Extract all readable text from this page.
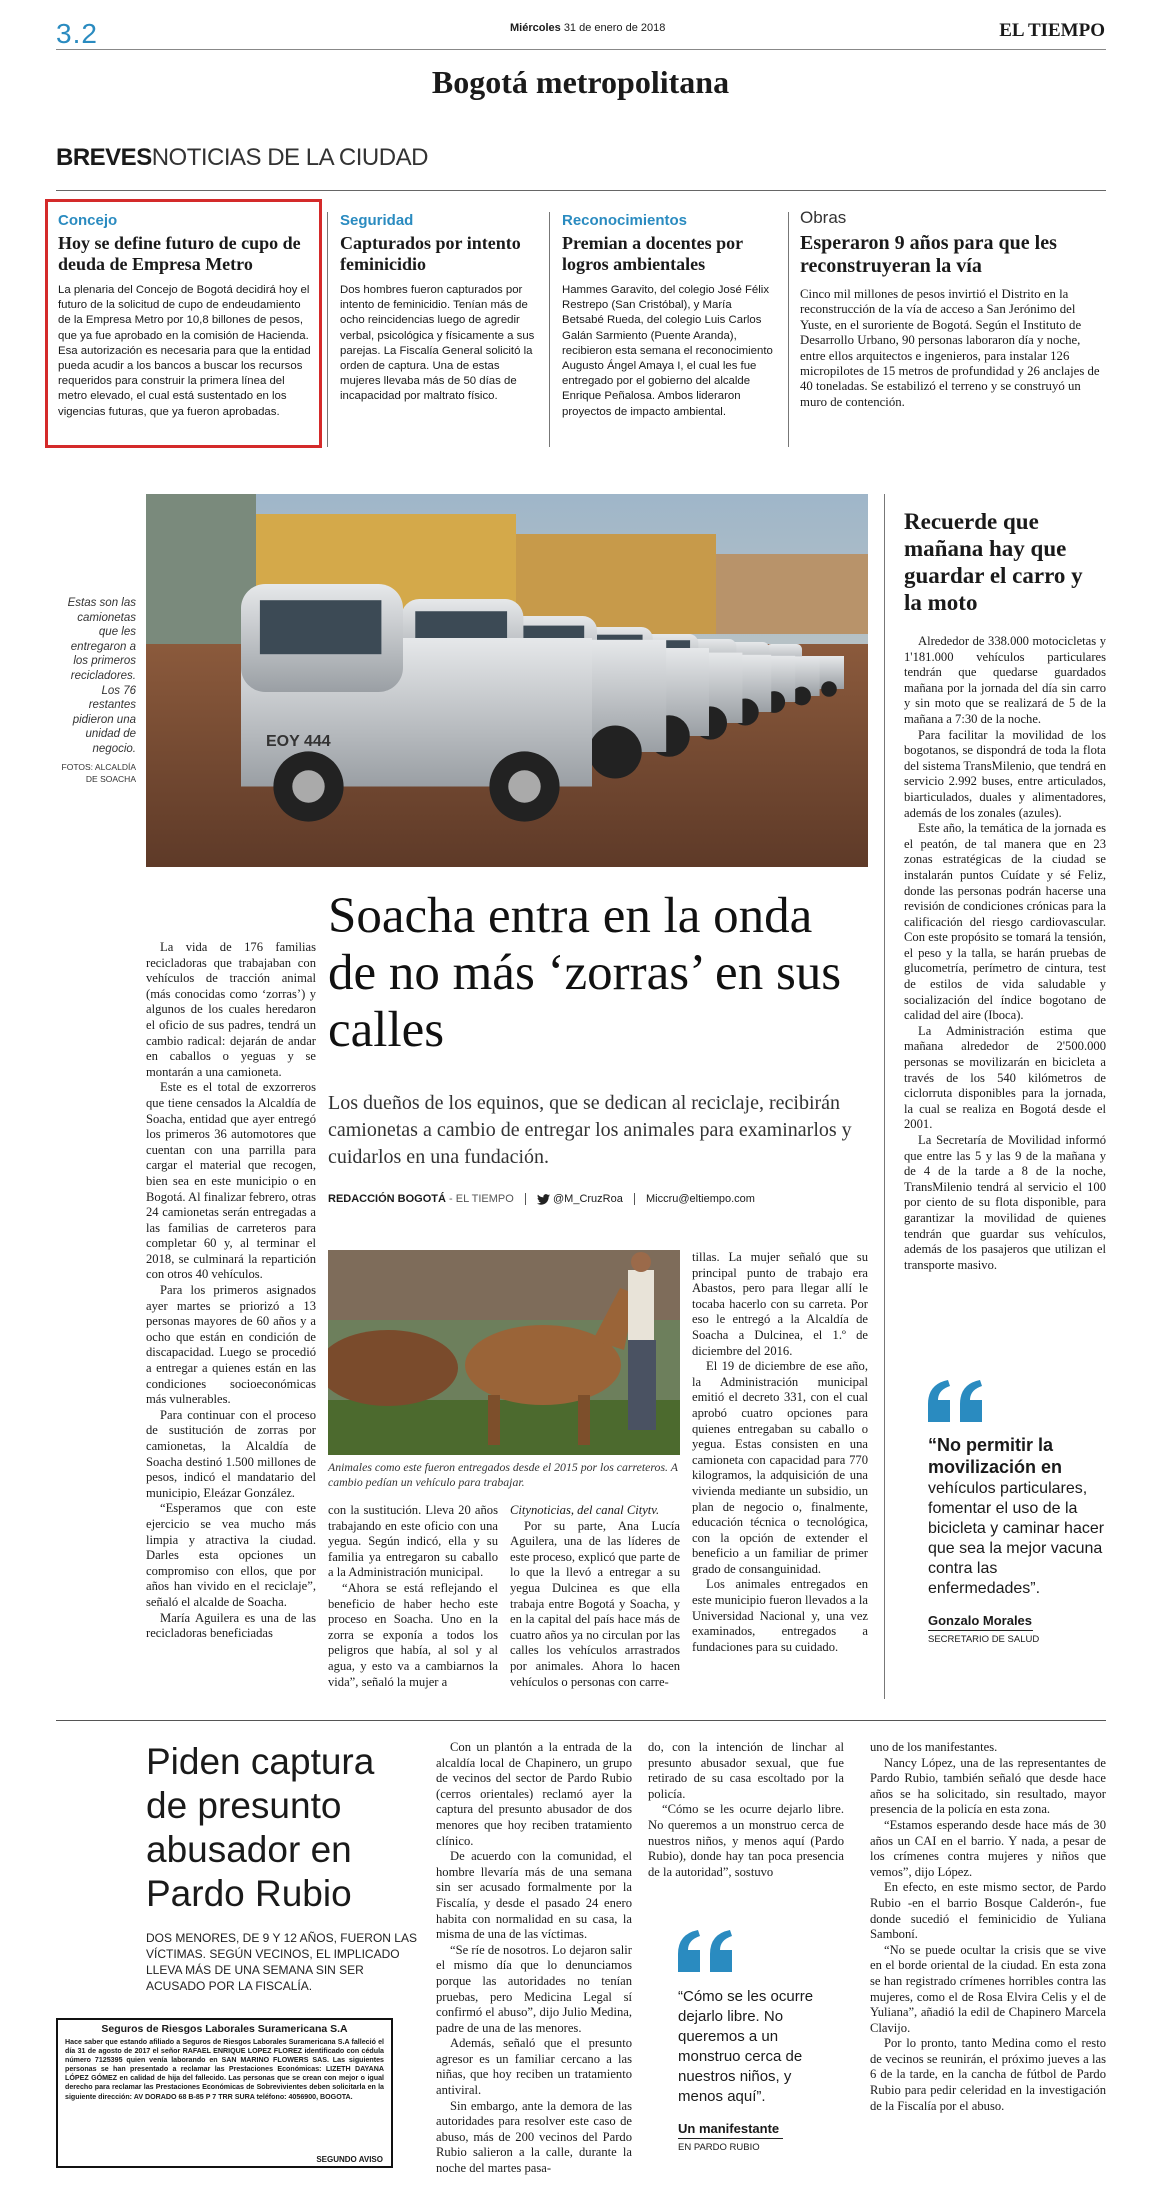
3.2	Miércoles 31 de enero de 2018	EL TIEMPO
Bogotá metropolitana
BREVESNOTICIAS DE LA CIUDAD
Concejo
Hoy se define futuro de cupo de deuda de Empresa Metro
La plenaria del Concejo de Bogotá decidirá hoy el futuro de la solicitud de cupo de endeudamiento de la Empresa Metro por 10,8 billones de pesos, que ya fue aprobado en la comisión de Hacienda. Esa autorización es necesaria para que la entidad pueda acudir a los bancos a buscar los recursos requeridos para construir la primera línea del metro elevado, el cual está sustentado en los vigencias futuras, que ya fueron aprobadas.
Seguridad
Capturados por intento feminicidio
Dos hombres fueron capturados por intento de feminicidio. Tenían más de ocho reincidencias luego de agredir verbal, psicológica y físicamente a sus parejas. La Fiscalía General solicitó la orden de captura. Una de estas mujeres llevaba más de 50 días de incapacidad por maltrato físico.
Reconocimientos
Premian a docentes por logros ambientales
Hammes Garavito, del colegio José Félix Restrepo (San Cristóbal), y María Betsabé Rueda, del colegio Luis Carlos Galán Sarmiento (Puente Aranda), recibieron esta semana el reconocimiento Augusto Ángel Amaya I, el cual les fue entregado por el gobierno del alcalde Enrique Peñalosa. Ambos lideraron proyectos de impacto ambiental.
Obras
Esperaron 9 años para que les reconstruyeran la vía
Cinco mil millones de pesos invirtió el Distrito en la reconstrucción de la vía de acceso a San Jerónimo del Yuste, en el suroriente de Bogotá. Según el Instituto de Desarrollo Urbano, 90 personas laboraron día y noche, entre ellos arquitectos e ingenieros, para instalar 126 micropilotes de 15 metros de profundidad y 26 anclajes de 40 toneladas. Se estabilizó el terreno y se construyó un muro de contención.
Estas son las camionetas que les entregaron a los primeros recicladores. Los 76 restantes pidieron una unidad de negocio.
FOTOS: ALCALDÍA DE SOACHA
EOY 444
Soacha entra en la onda de no más ‘zorras’ en sus calles
Los dueños de los equinos, que se dedican al reciclaje, recibirán camionetas a cambio de entregar los animales para examinarlos y cuidarlos en una fundación.
REDACCIÓN BOGOTÁ - EL TIEMPO	@M_CruzRoa Miccru@eltiempo.com

La vida de 176 familias recicladoras que trabajaban con vehículos de tracción animal (más conocidas como ‘zorras’) y algunos de los cuales heredaron el oficio de sus padres, tendrá un cambio radical: dejarán de andar en caballos o yeguas y se montarán a una camioneta.

Este es el total de exzorreros que tiene censados la Alcaldía de Soacha, entidad que ayer entregó los primeros 36 automotores que cuentan con una parrilla para cargar el material que recogen, bien sea en este municipio o en Bogotá. Al finalizar febrero, otras 24 camionetas serán entregadas a las familias de carreteros para completar 60 y, al terminar el 2018, se culminará la repartición con otros 40 vehículos.

Para los primeros asignados ayer martes se priorizó a 13 personas mayores de 60 años y a ocho que están en condición de discapacidad. Luego se procedió a entregar a quienes están en las condiciones socioeconómicas más vulnerables.

Para continuar con el proceso de sustitución de zorras por camionetas, la Alcaldía de Soacha destinó 1.500 millones de pesos, indicó el mandatario del municipio, Eleázar González.

“Esperamos que con este ejercicio se vea mucho más limpia y atractiva la ciudad. Darles esta opciones un compromiso con ellos, que por años han vivido en el reciclaje”, señaló el alcalde de Soacha.

María Aguilera es una de las recicladoras beneficiadas

Animales como este fueron entregados desde el 2015 por los carreteros. A cambio pedían un vehículo para trabajar.

con la sustitución. Lleva 20 años trabajando en este oficio con una yegua. Según indicó, ella y su familia ya entregaron su caballo a la Administración municipal.

“Ahora se está reflejando el beneficio de haber hecho este proceso en Soacha. Uno en la zorra se exponía a todos los peligros que había, al sol y al agua, y esto va a cambiarnos la vida”, señaló la mujer a

Citynoticias, del canal Citytv.

Por su parte, Ana Lucía Aguilera, una de las líderes de este proceso, explicó que parte de lo que la llevó a entregar a su yegua Dulcinea es que ella trabaja entre Bogotá y Soacha, y en la capital del país hace más de cuatro años ya no circulan por las calles los vehículos arrastrados por animales. Ahora lo hacen vehículos o personas con carre-

tillas. La mujer señaló que su principal punto de trabajo era Abastos, pero para llegar allí le tocaba hacerlo con su carreta. Por eso le entregó a la Alcaldía de Soacha a Dulcinea, el 1.º de diciembre del 2016.

El 19 de diciembre de ese año, la Administración municipal emitió el decreto 331, con el cual aprobó cuatro opciones para quienes entregaban su caballo o yegua. Estas consisten en una camioneta con capacidad para 770 kilogramos, la adquisición de una vivienda mediante un subsidio, un plan de negocio o, finalmente, educación técnica o tecnológica, con la opción de extender el beneficio a un familiar de primer grado de consanguinidad.

Los animales entregados en este municipio fueron llevados a la Universidad Nacional y, una vez examinados, entregados a fundaciones para su cuidado.

Recuerde que mañana hay que guardar el carro y la moto

Alrededor de 338.000 motocicletas y 1'181.000 vehículos particulares tendrán que quedarse guardados mañana por la jornada del día sin carro y sin moto que se realizará de 5 de la mañana a 7:30 de la noche.

Para facilitar la movilidad de los bogotanos, se dispondrá de toda la flota del sistema TransMilenio, que tendrá en servicio 2.992 buses, entre articulados, biarticulados, duales y alimentadores, además de los zonales (azules).

Este año, la temática de la jornada es el peatón, de tal manera que en 23 zonas estratégicas de la ciudad se instalarán puntos Cuídate y sé Feliz, donde las personas podrán hacerse una revisión de condiciones crónicas para la calificación del riesgo cardiovascular. Con este propósito se tomará la tensión, el peso y la talla, se harán pruebas de glucometría, perímetro de cintura, test de estilos de vida saludable y socialización del índice bogotano de calidad del aire (Iboca).

La Administración estima que mañana alrededor de 2'500.000 personas se movilizarán en bicicleta a través de los 540 kilómetros de ciclorruta disponibles para la jornada, la cual se realiza en Bogotá desde el 2001.

La Secretaría de Movilidad informó que entre las 5 y las 9 de la mañana y de 4 de la tarde a 8 de la noche, TransMilenio tendrá al servicio el 100 por ciento de su flota disponible, para garantizar la movilidad de quienes tendrán que guardar sus vehículos, además de los pasajeros que utilizan el transporte masivo.

“No permitir la movilización en vehículos particulares, fomentar el uso de la bicicleta y caminar hacer que sea la mejor vacuna contra las enfermedades”.
Gonzalo Morales
SECRETARIO DE SALUD
Piden captura de presunto abusador en Pardo Rubio
DOS MENORES, DE 9 Y 12 AÑOS, FUERON LAS VÍCTIMAS. SEGÚN VECINOS, EL IMPLICADO LLEVA MÁS DE UNA SEMANA SIN SER ACUSADO POR LA FISCALÍA.
Seguros de Riesgos Laborales Suramericana S.A
Hace saber que estando afiliado a Seguros de Riesgos Laborales Suramericana S.A falleció el día 31 de agosto de 2017 el señor RAFAEL ENRIQUE LOPEZ FLOREZ identificado con cédula número 7125395 quien venía laborando en SAN MARINO FLOWERS SAS. Las siguientes personas se han presentado a reclamar las Prestaciones Económicas: LIZETH DAYANA LÓPEZ GÓMEZ en calidad de hija del fallecido. Las personas que se crean con mejor o igual derecho para reclamar las Prestaciones Económicas de Sobrevivientes deben solicitarla en la siguiente dirección: AV DORADO 68 B-85 P 7 TRR SURA teléfono: 4056900, BOGOTA.
SEGUNDO AVISO

Con un plantón a la entrada de la alcaldía local de Chapinero, un grupo de vecinos del sector de Pardo Rubio (cerros orientales) reclamó ayer la captura del presunto abusador de dos menores que hoy reciben tratamiento clínico.

De acuerdo con la comunidad, el hombre llevaría más de una semana sin ser acusado formalmente por la Fiscalía, y desde el pasado 24 enero habita con normalidad en su casa, la misma de una de las víctimas.

“Se ríe de nosotros. Lo dejaron salir el mismo día que lo denunciamos porque las autoridades no tenían pruebas, pero Medicina Legal sí confirmó el abuso”, dijo Julio Medina, padre de una de las menores.

Además, señaló que el presunto agresor es un familiar cercano a las niñas, que hoy reciben un tratamiento antiviral.

Sin embargo, ante la demora de las autoridades para resolver este caso de abuso, más de 200 vecinos del Pardo Rubio salieron a la calle, durante la noche del martes pasa-

do, con la intención de linchar al presunto abusador sexual, que fue retirado de su casa escoltado por la policía.

“Cómo se les ocurre dejarlo libre. No queremos a un monstruo cerca de nuestros niños, y menos aquí (Pardo Rubio), donde hay tan poca presencia de la autoridad”, sostuvo

“Cómo se les ocurre dejarlo libre. No queremos a un monstruo cerca de nuestros niños, y menos aquí”.
Un manifestante
EN PARDO RUBIO

uno de los manifestantes.

Nancy López, una de las representantes de Pardo Rubio, también señaló que desde hace años se ha solicitado, sin resultado, mayor presencia de la policía en esta zona.

“Estamos esperando desde hace más de 30 años un CAI en el barrio. Y nada, a pesar de los crímenes contra mujeres y niños que vemos”, dijo López.

En efecto, en este mismo sector, de Pardo Rubio -en el barrio Bosque Calderón-, fue donde sucedió el feminicidio de Yuliana Samboní.

“No se puede ocultar la crisis que se vive en el borde oriental de la ciudad. En esta zona se han registrado crímenes horribles contra las mujeres, como el de Rosa Elvira Celis y el de Yuliana”, añadió la edil de Chapinero Marcela Clavijo.

Por lo pronto, tanto Medina como el resto de vecinos se reunirán, el próximo jueves a las 6 de la tarde, en la cancha de fútbol de Pardo Rubio para pedir celeridad en la investigación de la Fiscalía por el abuso.
